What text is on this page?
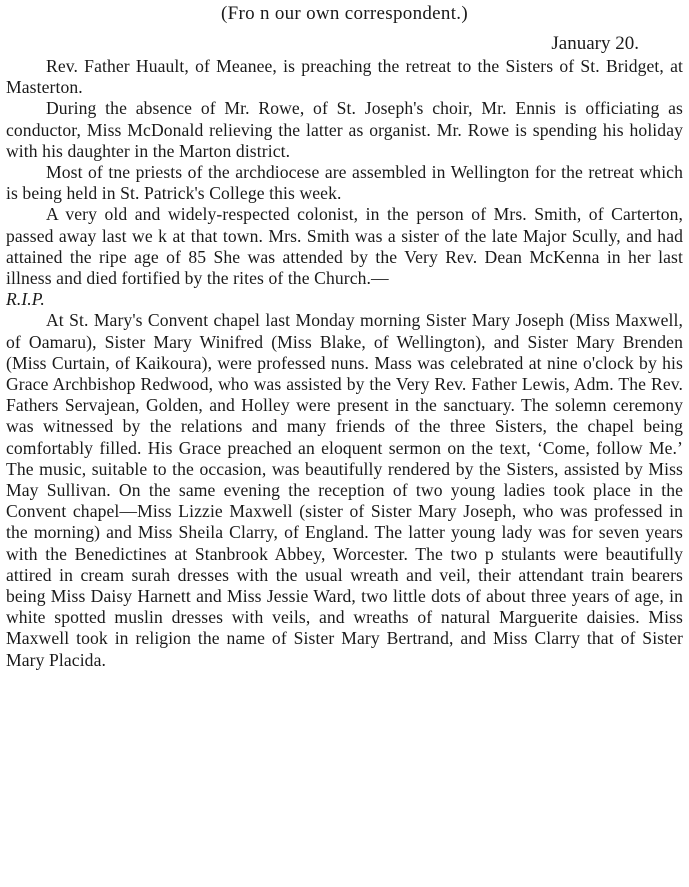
(Fro n our own correspondent.)

January 20.

Rev. Father Huault, of Meanee, is preaching the retreat to the Sisters of St. Bridget, at Masterton.

During the absence of Mr. Rowe, of St. Joseph's choir, Mr. Ennis is officiating as conductor, Miss McDonald relieving the latter as organist. Mr. Rowe is spending his holiday with his daughter in the Marton district.

Most of tne priests of the archdiocese are assembled in Wellington for the retreat which is being held in St. Patrick's College this week.

A very old and widely-respected colonist, in the person of Mrs. Smith, of Carterton, passed away last we k at that town. Mrs. Smith was a sister of the late Major Scully, and had attained the ripe age of 85 She was attended by the Very Rev. Dean McKenna in her last illness and died fortified by the rites of the Church.—
R.I.P.

At St. Mary's Convent chapel last Monday morning Sister Mary Joseph (Miss Maxwell, of Oamaru), Sister Mary Winifred (Miss Blake, of Wellington), and Sister Mary Brenden (Miss Curtain, of Kaikoura), were professed nuns. Mass was celebrated at nine o'clock by his Grace Archbishop Redwood, who was assisted by the Very Rev. Father Lewis, Adm. The Rev. Fathers Servajean, Golden, and Holley were present in the sanctuary. The solemn ceremony was witnessed by the relations and many friends of the three Sisters, the chapel being comfortably filled. His Grace preached an eloquent sermon on the text, ‘Come, follow Me.’ The music, suitable to the occasion, was beautifully rendered by the Sisters, assisted by Miss May Sullivan. On the same evening the reception of two young ladies took place in the Convent chapel—Miss Lizzie Maxwell (sister of Sister Mary Joseph, who was professed in the morning) and Miss Sheila Clarry, of England. The latter young lady was for seven years with the Benedictines at Stanbrook Abbey, Worcester. The two p stulants were beautifully attired in cream surah dresses with the usual wreath and veil, their attendant train bearers being Miss Daisy Harnett and Miss Jessie Ward, two little dots of about three years of age, in white spotted muslin dresses with veils, and wreaths of natural Marguerite daisies. Miss Maxwell took in religion the name of Sister Mary Bertrand, and Miss Clarry that of Sister Mary Placida.
